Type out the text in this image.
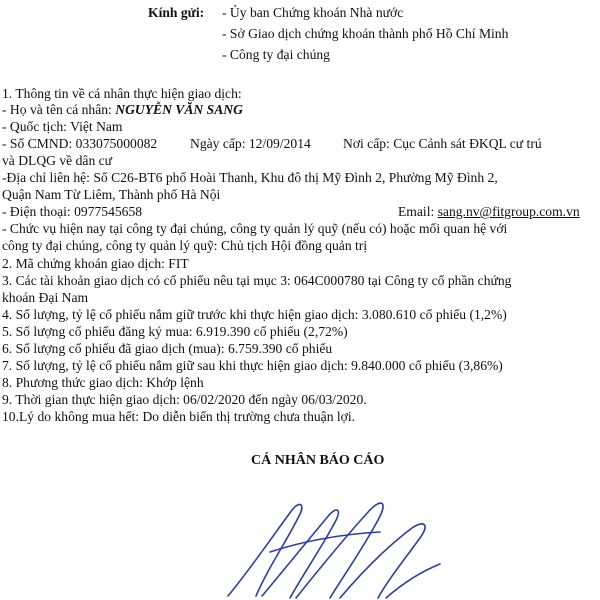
Kính gửi: - Ủy ban Chứng khoán Nhà nước
- Sở Giao dịch chứng khoán thành phố Hồ Chí Minh
- Công ty đại chúng
1. Thông tin về cá nhân thực hiện giao dịch:
- Họ và tên cá nhân: NGUYỄN VĂN SANG
- Quốc tịch: Việt Nam
- Số CMND: 033075000082 Ngày cấp: 12/09/2014 Nơi cấp: Cục Cảnh sát ĐKQL cư trú
và DLQG về dân cư
-Địa chỉ liên hệ: Số C26-BT6 phố Hoài Thanh, Khu đô thị Mỹ Đình 2, Phường Mỹ Đình 2,
Quận Nam Từ Liêm, Thành phố Hà Nội
- Điện thoại: 0977545658	Email: sang.nv@fitgroup.com.vn
- Chức vụ hiện nay tại công ty đại chúng, công ty quản lý quỹ (nếu có) hoặc mối quan hệ với
công ty đại chúng, công ty quản lý quỹ: Chủ tịch Hội đồng quản trị
2. Mã chứng khoán giao dịch: FIT
3. Các tài khoản giao dịch có cổ phiếu nêu tại mục 3: 064C000780 tại Công ty cổ phần chứng
khoán Đại Nam
4. Số lượng, tỷ lệ cổ phiếu nắm giữ trước khi thực hiện giao dịch: 3.080.610 cổ phiếu (1,2%)
5. Số lượng cổ phiếu đăng ký mua: 6.919.390 cổ phiếu (2,72%)
6. Số lượng cổ phiếu đã giao dịch (mua): 6.759.390 cổ phiếu
7. Số lượng, tỷ lệ cổ phiếu nắm giữ sau khi thực hiện giao dịch: 9.840.000 cổ phiếu (3,86%)
8. Phương thức giao dịch: Khớp lệnh
9. Thời gian thực hiện giao dịch: 06/02/2020 đến ngày 06/03/2020.
10.Lý do không mua hết: Do diễn biến thị trường chưa thuận lợi.
CÁ NHÂN BÁO CÁO
